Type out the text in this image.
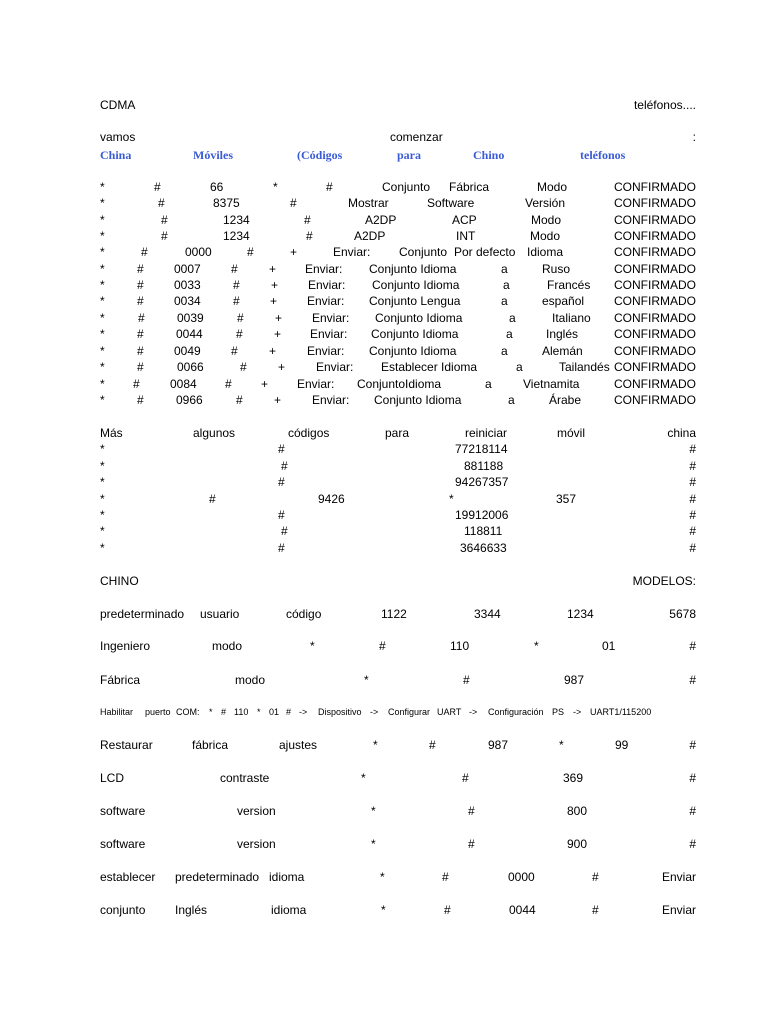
CDMA	teléfonos....
vamos	comenzar	:
China	Móviles	(Códigos	para	Chino	teléfonos
*	#	66	*	#	Conjunto Fábrica	Modo	CONFIRMADO
*	#	8375	#	Mostrar	Software	Versión	CONFIRMADO
*	#	1234	#	A2DP	ACP	Modo	CONFIRMADO
*	#	1234	#	A2DP	INT	Modo	CONFIRMADO
*	#	0000	#	+	Enviar: Conjunto Por defecto Idioma	CONFIRMADO
*	#	0007	#	+ Enviar: Conjunto Idioma	a	Ruso	CONFIRMADO
*	#	0033	#	+ Enviar: Conjunto Idioma	a	Francés CONFIRMADO
*	#	0034	#	+ Enviar: Conjunto Lengua	a	español CONFIRMADO
*	#	0039	#	+ Enviar: Conjunto Idioma	a	Italiano CONFIRMADO
*	#	0044	#	+ Enviar: Conjunto Idioma	a	Inglés	CONFIRMADO
*	#	0049	#	+	Enviar: Conjunto Idioma	a	Alemán	CONFIRMADO
*	#	0066	#	+	Enviar: Establecer Idioma	a	Tailandés CONFIRMADO
* #	0084 # + Enviar: ConjuntoIdioma	a	Vietnamita	CONFIRMADO
*	#	0966	#	+	Enviar: Conjunto Idioma	a	Árabe	CONFIRMADO
Más	algunos	códigos	para	reiniciar	móvil	china
*	#	77218114	#
*	#	881188	#
*	#	94267357	#
*	#	9426	*	357	#
*	#	19912006	#
*	#	118811	#
*	#	3646633	#
CHINO	MODELOS:
predeterminado usuario	código	1122	3344	1234	5678
Ingeniero	modo	*	#	110	*	01	#
Fábrica	modo	*	#	987	#
Habilitar puerto COM: * # 110 * 01 # -> Dispositivo -> Configurar UART -> Configuración PS -> UART1/115200
Restaurar	fábrica	ajustes	*	#	987	*	99	#
LCD	contraste	*	#	369	#
software	version	*	#	800	#
software	version	*	#	900	#
establecer predeterminado idioma	*	#	0000	#	Enviar
conjunto Inglés	idioma	*	#	0044	#	Enviar
